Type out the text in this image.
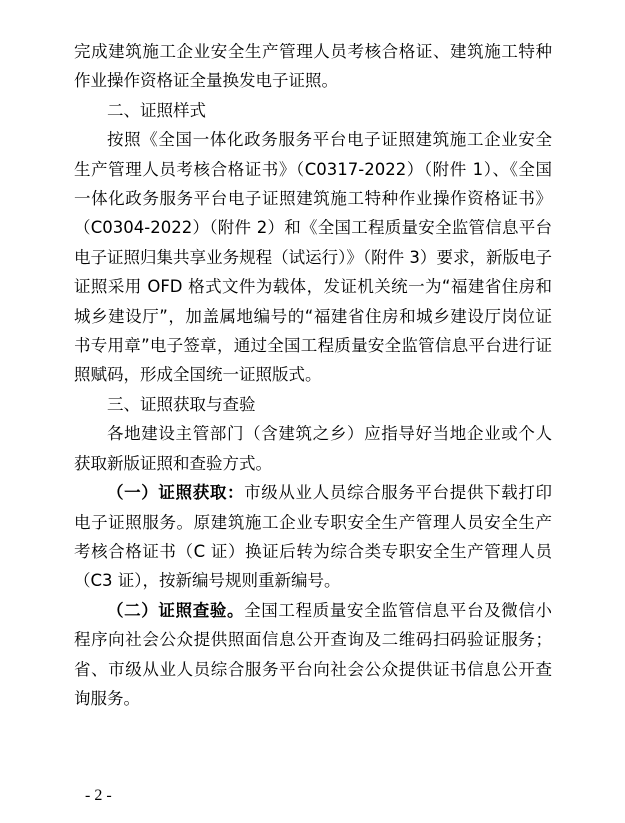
完成建筑施工企业安全生产管理人员考核合格证、建筑施工特种作业操作资格证全量换发电子证照。

二、证照样式

按照《全国一体化政务服务平台电子证照建筑施工企业安全生产管理人员考核合格证书》（C0317-2022）（附件 1）、《全国一体化政务服务平台电子证照建筑施工特种作业操作资格证书》（C0304-2022）（附件 2）和《全国工程质量安全监管信息平台电子证照归集共享业务规程（试运行）》（附件 3）要求，新版电子证照采用 OFD 格式文件为载体，发证机关统一为“福建省住房和城乡建设厅”，加盖属地编号的“福建省住房和城乡建设厅岗位证书专用章”电子签章，通过全国工程质量安全监管信息平台进行证照赋码，形成全国统一证照版式。

三、证照获取与查验

各地建设主管部门（含建筑之乡）应指导好当地企业或个人获取新版证照和查验方式。

（一）证照获取：市级从业人员综合服务平台提供下载打印电子证照服务。原建筑施工企业专职安全生产管理人员安全生产考核合格证书（C 证）换证后转为综合类专职安全生产管理人员（C3 证），按新编号规则重新编号。

（二）证照查验。全国工程质量安全监管信息平台及微信小程序向社会公众提供照面信息公开查询及二维码扫码验证服务；省、市级从业人员综合服务平台向社会公众提供证书信息公开查询服务。

- 2 -
